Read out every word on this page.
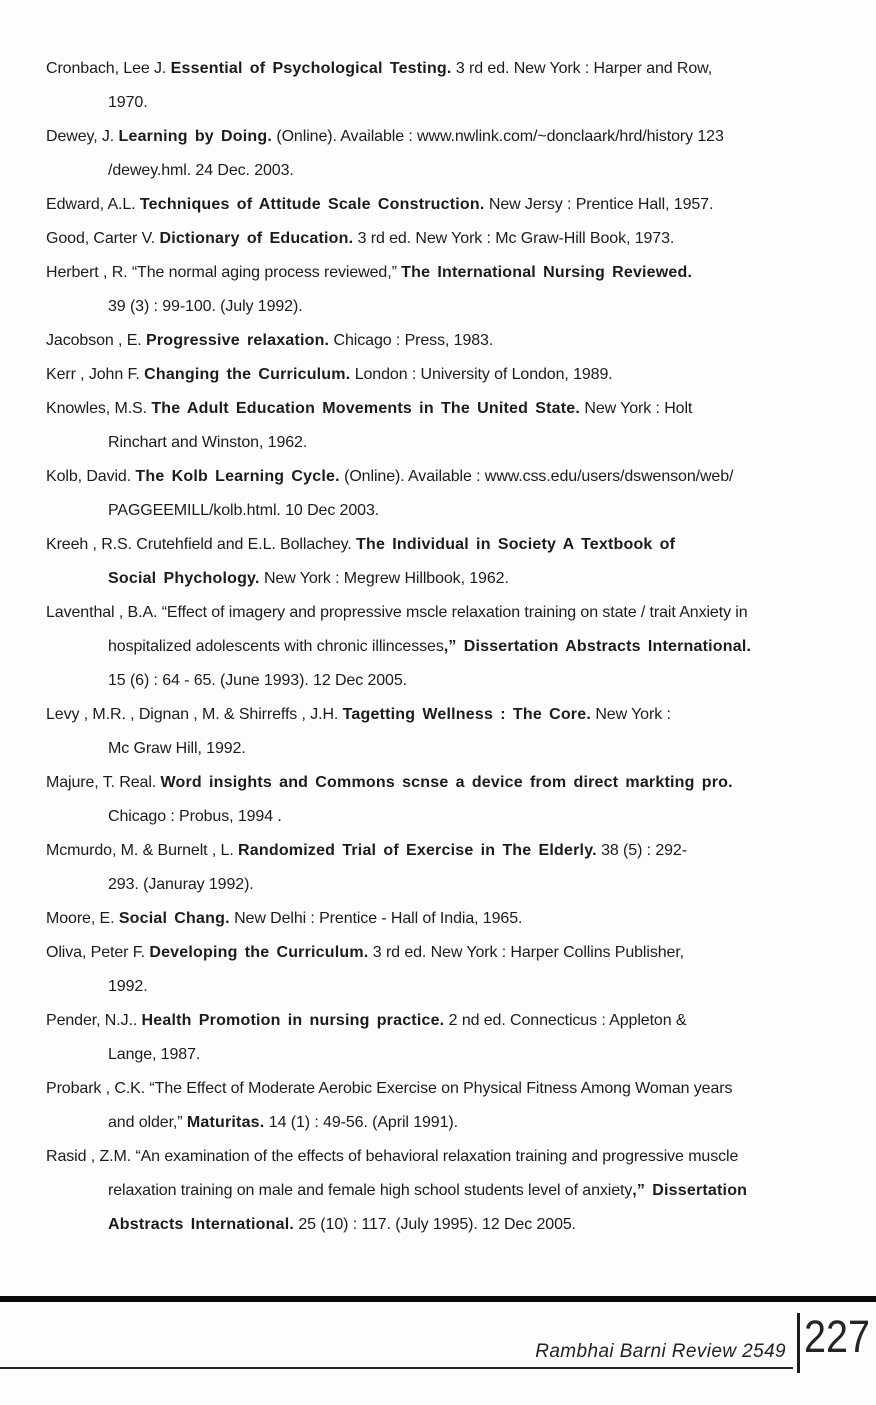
Cronbach, Lee J. Essential of Psychological Testing. 3 rd ed. New York : Harper and Row,
1970.
Dewey, J. Learning by Doing. (Online). Available : www.nwlink.com/~donclaark/hrd/history 123
/dewey.hml. 24 Dec. 2003.
Edward, A.L. Techniques of Attitude Scale Construction. New Jersy : Prentice Hall, 1957.
Good, Carter V. Dictionary of Education. 3 rd ed. New York : Mc Graw-Hill Book, 1973.
Herbert , R. “The normal aging process reviewed,” The International Nursing Reviewed.
39 (3) : 99-100. (July 1992).
Jacobson , E. Progressive relaxation. Chicago : Press, 1983.
Kerr , John F. Changing the Curriculum. London : University of London, 1989.
Knowles, M.S. The Adult Education Movements in The United State. New York : Holt
Rinchart and Winston, 1962.
Kolb, David. The Kolb Learning Cycle. (Online). Available : www.css.edu/users/dswenson/web/
PAGGEEMILL/kolb.html. 10 Dec 2003.
Kreeh , R.S. Crutehfield and E.L. Bollachey. The Individual in Society A Textbook of
Social Phychology. New York : Megrew Hillbook, 1962.
Laventhal , B.A. “Effect of imagery and propressive mscle relaxation training on state / trait Anxiety in
hospitalized adolescents with chronic illincesses,” Dissertation Abstracts International.
15 (6) : 64 - 65. (June 1993). 12 Dec 2005.
Levy , M.R. , Dignan , M. & Shirreffs , J.H. Tagetting Wellness : The Core. New York :
Mc Graw Hill, 1992.
Majure, T. Real. Word insights and Commons scnse a device from direct markting pro.
Chicago : Probus, 1994 .
Mcmurdo, M. & Burnelt , L. Randomized Trial of Exercise in The Elderly. 38 (5) : 292-
293. (Januray 1992).
Moore, E. Social Chang. New Delhi : Prentice - Hall of India, 1965.
Oliva, Peter F. Developing the Curriculum. 3 rd ed. New York : Harper Collins Publisher,
1992.
Pender, N.J.. Health Promotion in nursing practice. 2 nd ed. Connecticus : Appleton &
Lange, 1987.
Probark , C.K. “The Effect of Moderate Aerobic Exercise on Physical Fitness Among Woman years
and older,” Maturitas. 14 (1) : 49-56. (April 1991).
Rasid , Z.M. “An examination of the effects of behavioral relaxation training and progressive muscle
relaxation training on male and female high school students level of anxiety,” Dissertation
Abstracts International. 25 (10) : 117. (July 1995). 12 Dec 2005.
Rambhai Barni Review 2549 227
